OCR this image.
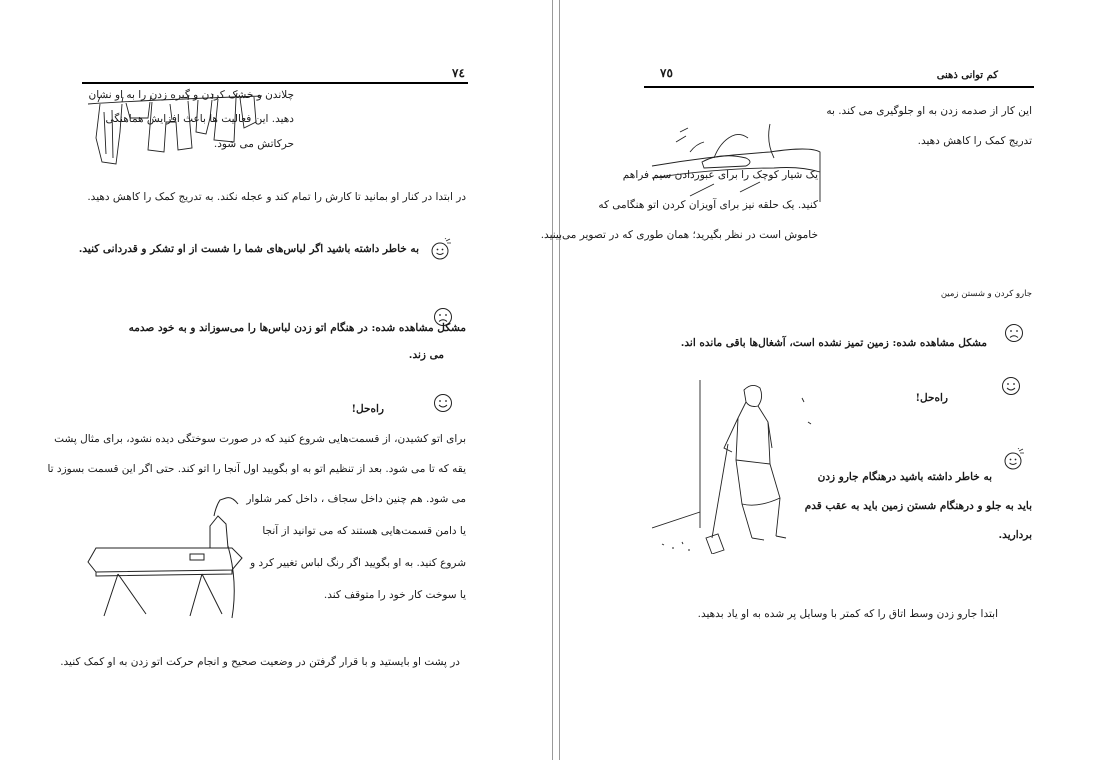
٧٤
چلاندن و خشک کردن و گیره زدن را به او نشان
دهید. این فعالیت ها باعث افزایش هماهنگی
حرکاتش می شود.
در ابتدا در کنار او بمانید تا کارش را تمام کند و عجله نکند. به تدریج کمک را کاهش دهید.
به خاطر داشته باشید اگر لباس‌های شما را شست از او تشکر و قدردانی کنید.
مشکل مشاهده شده: در هنگام اتو زدن لباس‌ها را می‌سوزاند و به خود صدمه
می زند.
راه‌حل!
برای اتو کشیدن، از قسمت‌هایی شروع کنید که در صورت سوختگی دیده نشود، برای مثال پشت
یقه که تا می شود. بعد از تنظیم اتو به او بگویید اول آنجا را اتو کند. حتی اگر این قسمت بسوزد تا
می شود. هم چنین داخل سجاف ، داخل کمر شلوار
یا دامن قسمت‌هایی هستند که می توانید از آنجا
شروع کنید. به او بگویید اگر رنگ لباس تغییر کرد و
یا سوخت کار خود را متوقف کند.
در پشت او بایستید و با قرار گرفتن در وضعیت صحیح و انجام حرکت اتو زدن به او کمک کنید.
کم توانی ذهنی
٧٥
این کار از صدمه زدن به او جلوگیری می کند. به
تدریج کمک را کاهش دهید.
یک شیار کوچک را برای عبوردادن سیم فراهم
کنید. یک حلقه نیز برای آویزان کردن اتو هنگامی که
خاموش است در نظر بگیرید؛ همان طوری که در تصویر می‌بینید.
جارو کردن و شستن زمین
مشکل مشاهده شده: زمین تمیز نشده است، آشغال‌ها باقی مانده اند.
راه‌حل!
به خاطر داشته باشید درهنگام جارو زدن
باید به جلو و درهنگام شستن زمین باید به عقب قدم
بردارید.
ابتدا جارو زدن وسط اتاق را که کمتر با وسایل پر شده به او یاد بدهید.
